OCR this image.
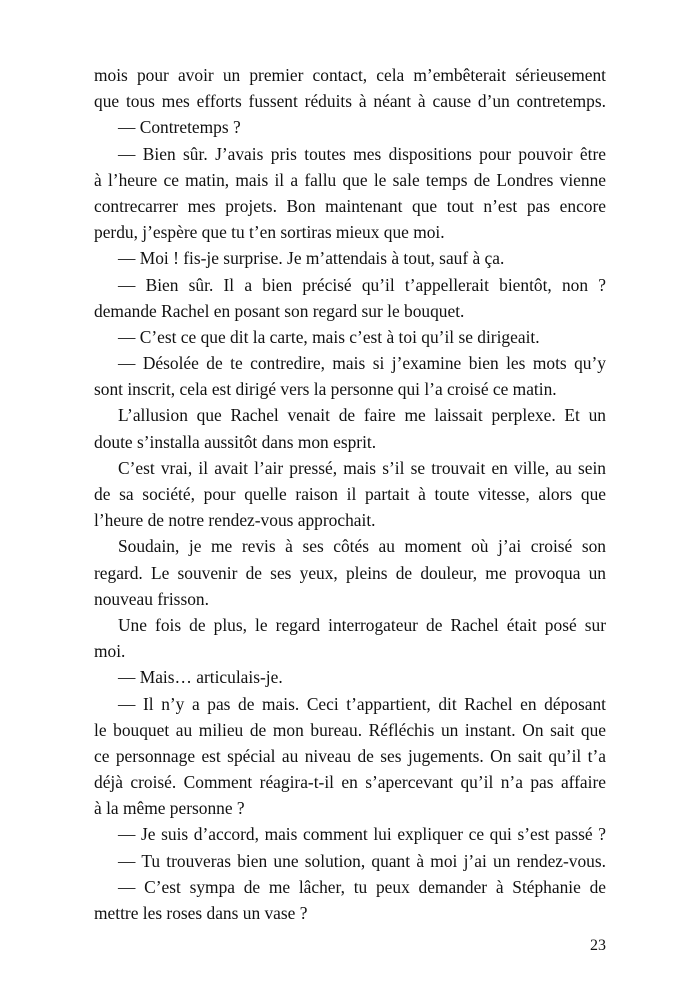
mois pour avoir un premier contact, cela m’embêterait sérieusement
que tous mes efforts fussent réduits à néant à cause d’un contretemps.
— Contretemps ?
— Bien sûr. J’avais pris toutes mes dispositions pour pouvoir être
à l’heure ce matin, mais il a fallu que le sale temps de Londres vienne
contrecarrer mes projets. Bon maintenant que tout n’est pas encore
perdu, j’espère que tu t’en sortiras mieux que moi.
— Moi ! fis-je surprise. Je m’attendais à tout, sauf à ça.
— Bien sûr. Il a bien précisé qu’il t’appellerait bientôt, non ?
demande Rachel en posant son regard sur le bouquet.
— C’est ce que dit la carte, mais c’est à toi qu’il se dirigeait.
— Désolée de te contredire, mais si j’examine bien les mots qu’y
sont inscrit, cela est dirigé vers la personne qui l’a croisé ce matin.
L’allusion que Rachel venait de faire me laissait perplexe. Et un
doute s’installa aussitôt dans mon esprit.
C’est vrai, il avait l’air pressé, mais s’il se trouvait en ville, au sein
de sa société, pour quelle raison il partait à toute vitesse, alors que
l’heure de notre rendez-vous approchait.
Soudain, je me revis à ses côtés au moment où j’ai croisé son
regard. Le souvenir de ses yeux, pleins de douleur, me provoqua un
nouveau frisson.
Une fois de plus, le regard interrogateur de Rachel était posé sur
moi.
— Mais… articulais-je.
— Il n’y a pas de mais. Ceci t’appartient, dit Rachel en déposant
le bouquet au milieu de mon bureau. Réfléchis un instant. On sait que
ce personnage est spécial au niveau de ses jugements. On sait qu’il t’a
déjà croisé. Comment réagira-t-il en s’apercevant qu’il n’a pas affaire
à la même personne ?
— Je suis d’accord, mais comment lui expliquer ce qui s’est passé ?
— Tu trouveras bien une solution, quant à moi j’ai un rendez-vous.
— C’est sympa de me lâcher, tu peux demander à Stéphanie de
mettre les roses dans un vase ?
23
